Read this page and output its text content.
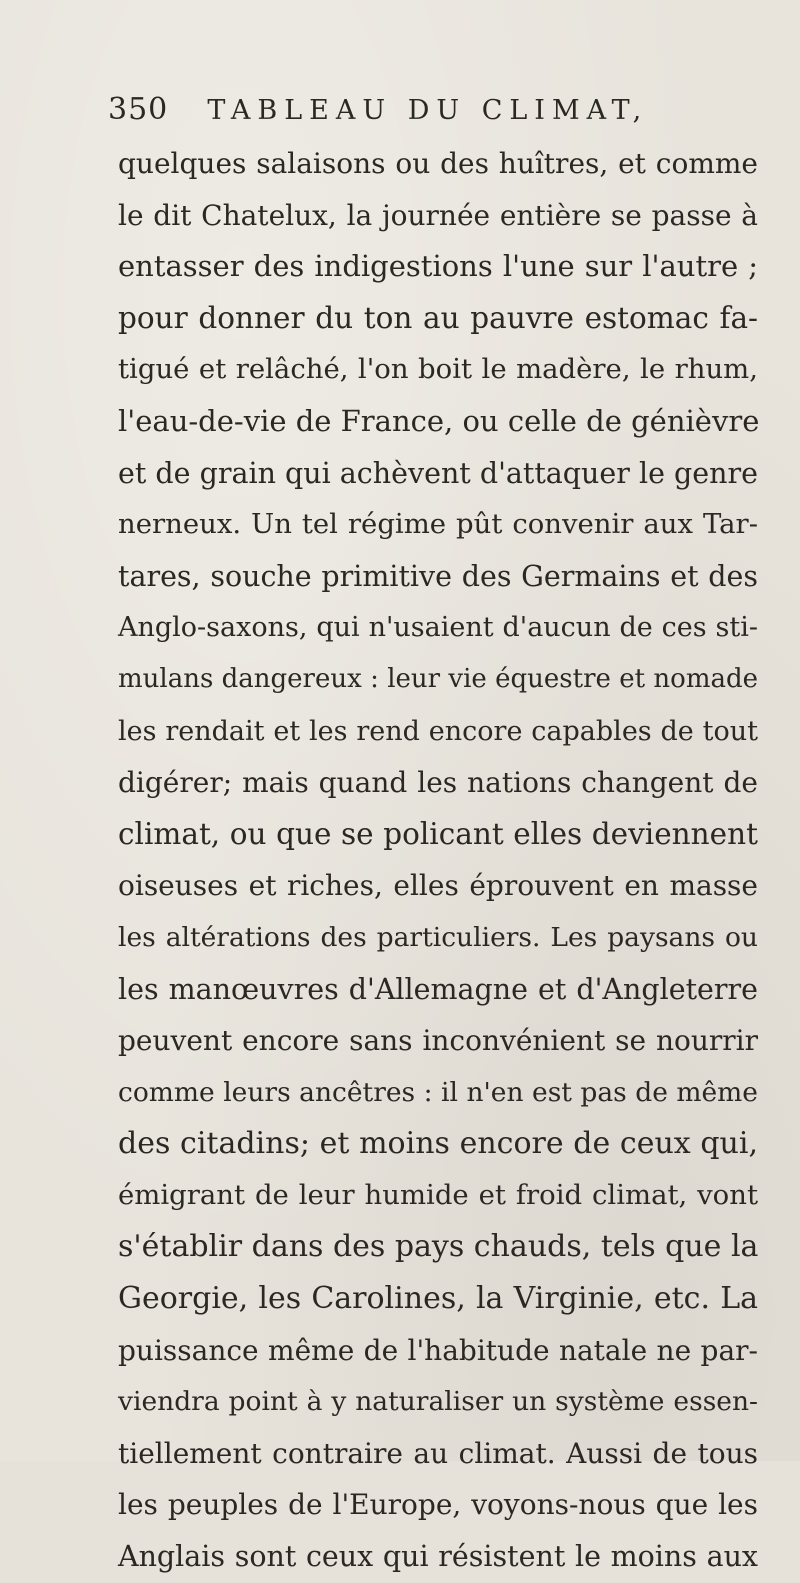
350 TABLEAU DU CLIMAT,
quelques salaisons ou des huîtres, et comme
le dit Chatelux, la journée entière se passe à
entasser des indigestions l'une sur l'autre ;
pour donner du ton au pauvre estomac fa-
tigué et relâché, l'on boit le madère, le rhum,
l'eau-de-vie de France, ou celle de génièvre
et de grain qui achèvent d'attaquer le genre
nerneux. Un tel régime pût convenir aux Tar-
tares, souche primitive des Germains et des
Anglo-saxons, qui n'usaient d'aucun de ces sti-
mulans dangereux : leur vie équestre et nomade
les rendait et les rend encore capables de tout
digérer; mais quand les nations changent de
climat, ou que se policant elles deviennent
oiseuses et riches, elles éprouvent en masse
les altérations des particuliers. Les paysans ou
les manœuvres d'Allemagne et d'Angleterre
peuvent encore sans inconvénient se nourrir
comme leurs ancêtres : il n'en est pas de même
des citadins; et moins encore de ceux qui,
émigrant de leur humide et froid climat, vont
s'établir dans des pays chauds, tels que la
Georgie, les Carolines, la Virginie, etc. La
puissance même de l'habitude natale ne par-
viendra point à y naturaliser un système essen-
tiellement contraire au climat. Aussi de tous
les peuples de l'Europe, voyons-nous que les
Anglais sont ceux qui résistent le moins aux
